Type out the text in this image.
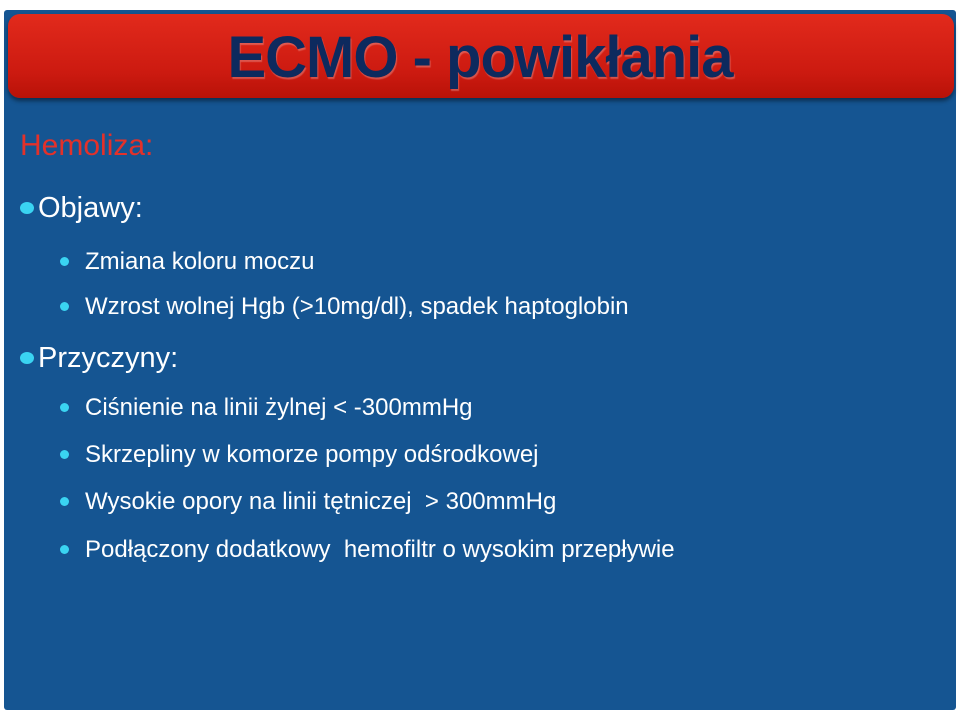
ECMO - powikłania
Hemoliza:
Objawy:
Zmiana koloru moczu
Wzrost wolnej Hgb (>10mg/dl), spadek haptoglobin
Przyczyny:
Ciśnienie na linii żylnej < -300mmHg
Skrzepliny w komorze pompy odśrodkowej
Wysokie opory na linii tętniczej  > 300mmHg
Podłączony dodatkowy  hemofiltr o wysokim przepływie
